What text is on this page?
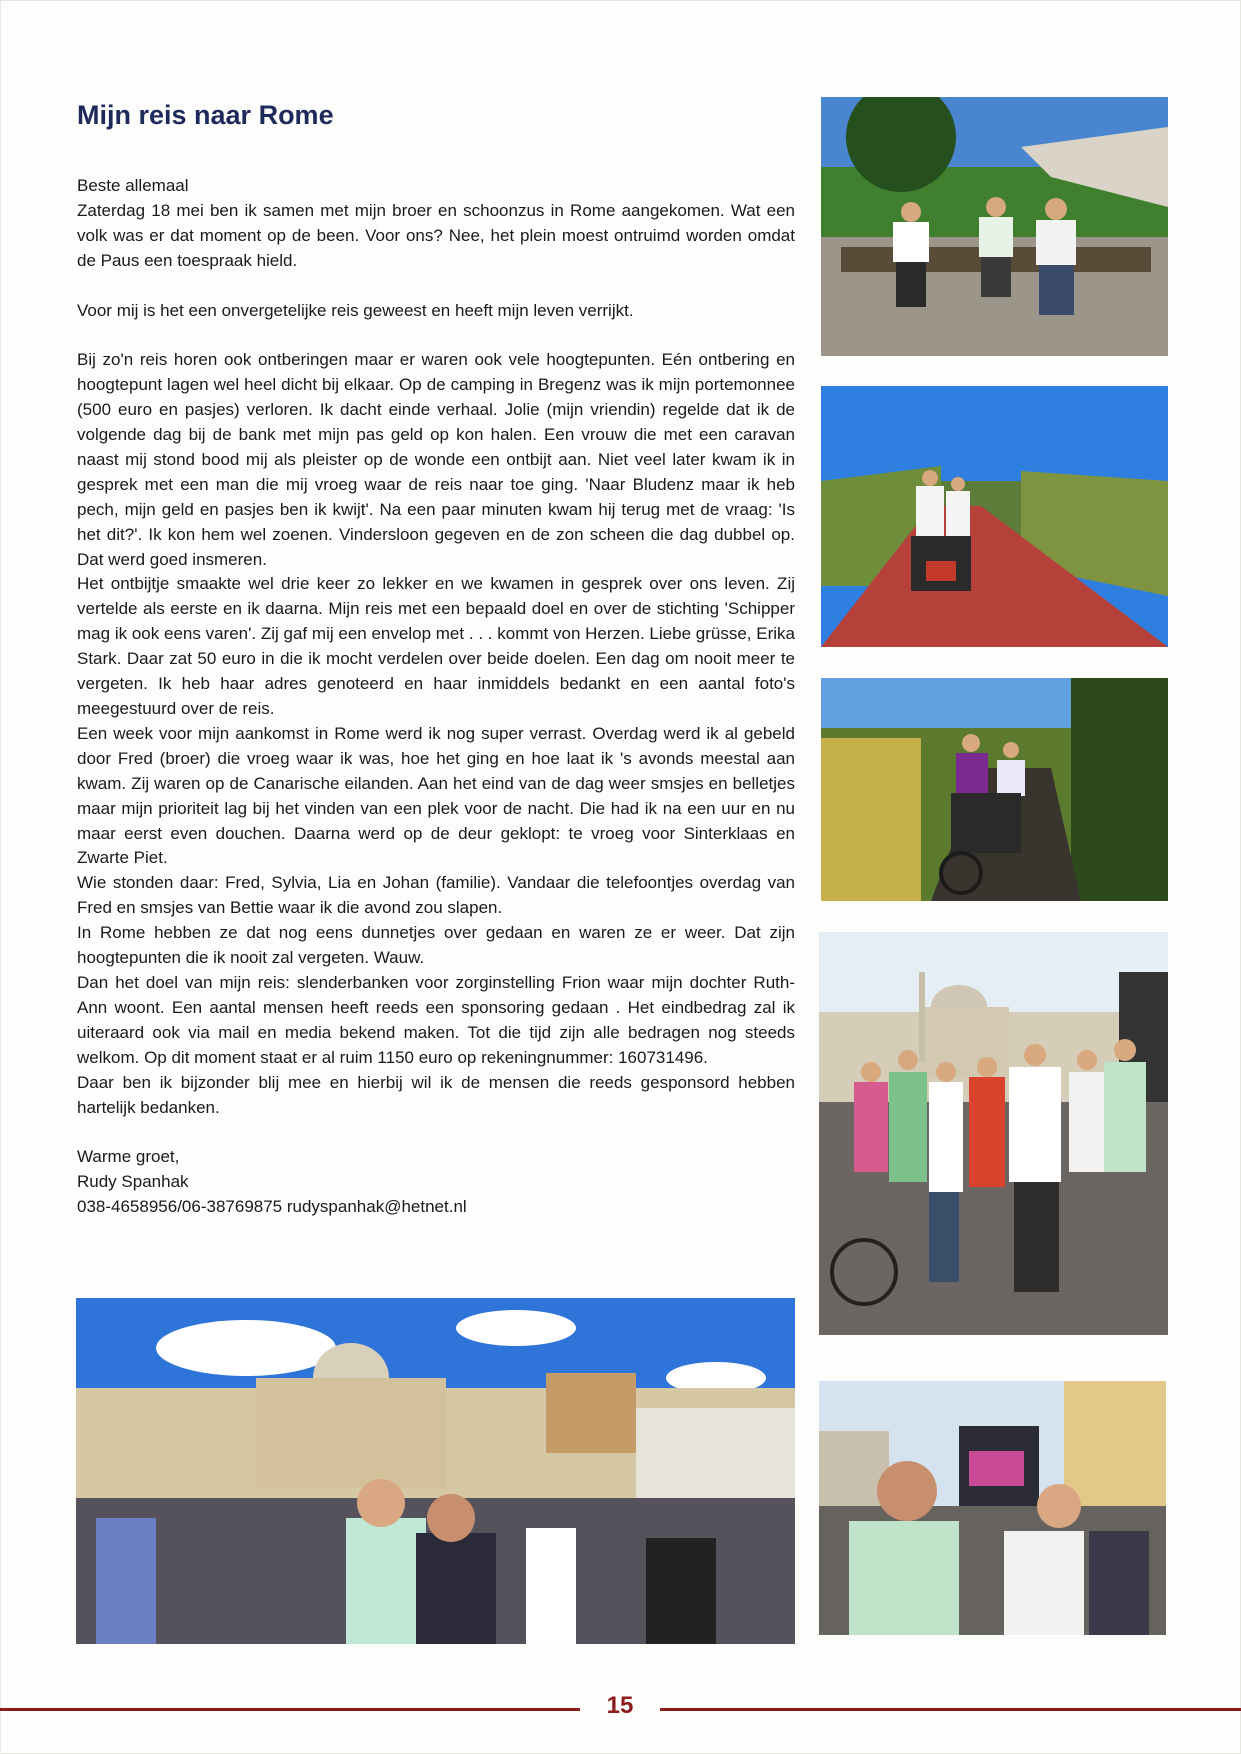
Mijn reis naar Rome

Beste allemaal

Zaterdag 18 mei ben ik samen met mijn broer en schoonzus in Rome aangekomen. Wat een volk was er dat moment op de been. Voor ons? Nee, het plein moest ontruimd worden omdat de Paus een toespraak hield.

Voor mij is het een onvergetelijke reis geweest en heeft mijn leven verrijkt.

Bij zo'n reis horen ook ontberingen maar er waren ook vele hoogtepunten. Eén ontbering en hoogtepunt lagen wel heel dicht bij elkaar. Op de camping in Bregenz was ik mijn portemonnee (500 euro en pasjes) verloren. Ik dacht einde verhaal. Jolie (mijn vriendin) regelde dat ik de volgende dag bij de bank met mijn pas geld op kon halen. Een vrouw die met een caravan naast mij stond bood mij als pleister op de wonde een ontbijt aan. Niet veel later kwam ik in gesprek met een man die mij vroeg waar de reis naar toe ging. 'Naar Bludenz maar ik heb pech, mijn geld en pasjes ben ik kwijt'. Na een paar minuten kwam hij terug met de vraag: 'Is het dit?'. Ik kon hem wel zoenen. Vindersloon gegeven en de zon scheen die dag dubbel op. Dat werd goed insmeren.

Het ontbijtje smaakte wel drie keer zo lekker en we kwamen in gesprek over ons leven. Zij vertelde als eerste en ik daarna. Mijn reis met een bepaald doel en over de stichting 'Schipper mag ik ook eens varen'. Zij gaf mij een envelop met . . . kommt von Herzen. Liebe grüsse, Erika Stark. Daar zat 50 euro in die ik mocht verdelen over beide doelen. Een dag om nooit meer te vergeten. Ik heb haar adres genoteerd en haar inmiddels bedankt en een aantal foto's meegestuurd over de reis.

Een week voor mijn aankomst in Rome werd ik nog super verrast. Overdag werd ik al gebeld door Fred (broer) die vroeg waar ik was, hoe het ging en hoe laat ik 's avonds meestal aan kwam. Zij waren op de Canarische eilanden. Aan het eind van de dag weer smsjes en belletjes maar mijn prioriteit lag bij het vinden van een plek voor de nacht. Die had ik na een uur en nu maar eerst even douchen. Daarna werd op de deur geklopt: te vroeg voor Sinterklaas en Zwarte Piet.

Wie stonden daar: Fred, Sylvia, Lia en Johan (familie). Vandaar die telefoontjes overdag van Fred en smsjes van Bettie waar ik die avond zou slapen.

In Rome hebben ze dat nog eens dunnetjes over gedaan en waren ze er weer. Dat zijn hoogtepunten die ik nooit zal vergeten. Wauw.

Dan het doel van mijn reis: slenderbanken voor zorginstelling Frion waar mijn dochter Ruth-Ann woont. Een aantal mensen heeft reeds een sponsoring gedaan . Het eindbedrag zal ik uiteraard ook via mail en media bekend maken. Tot die tijd zijn alle bedragen nog steeds welkom. Op dit moment staat er al ruim 1150 euro op rekeningnummer: 160731496.

Daar ben ik bijzonder blij mee en hierbij wil ik de mensen die reeds gesponsord hebben hartelijk bedanken.

Warme groet,

Rudy Spanhak

038-4658956/06-38769875 rudyspanhak@hetnet.nl

15
